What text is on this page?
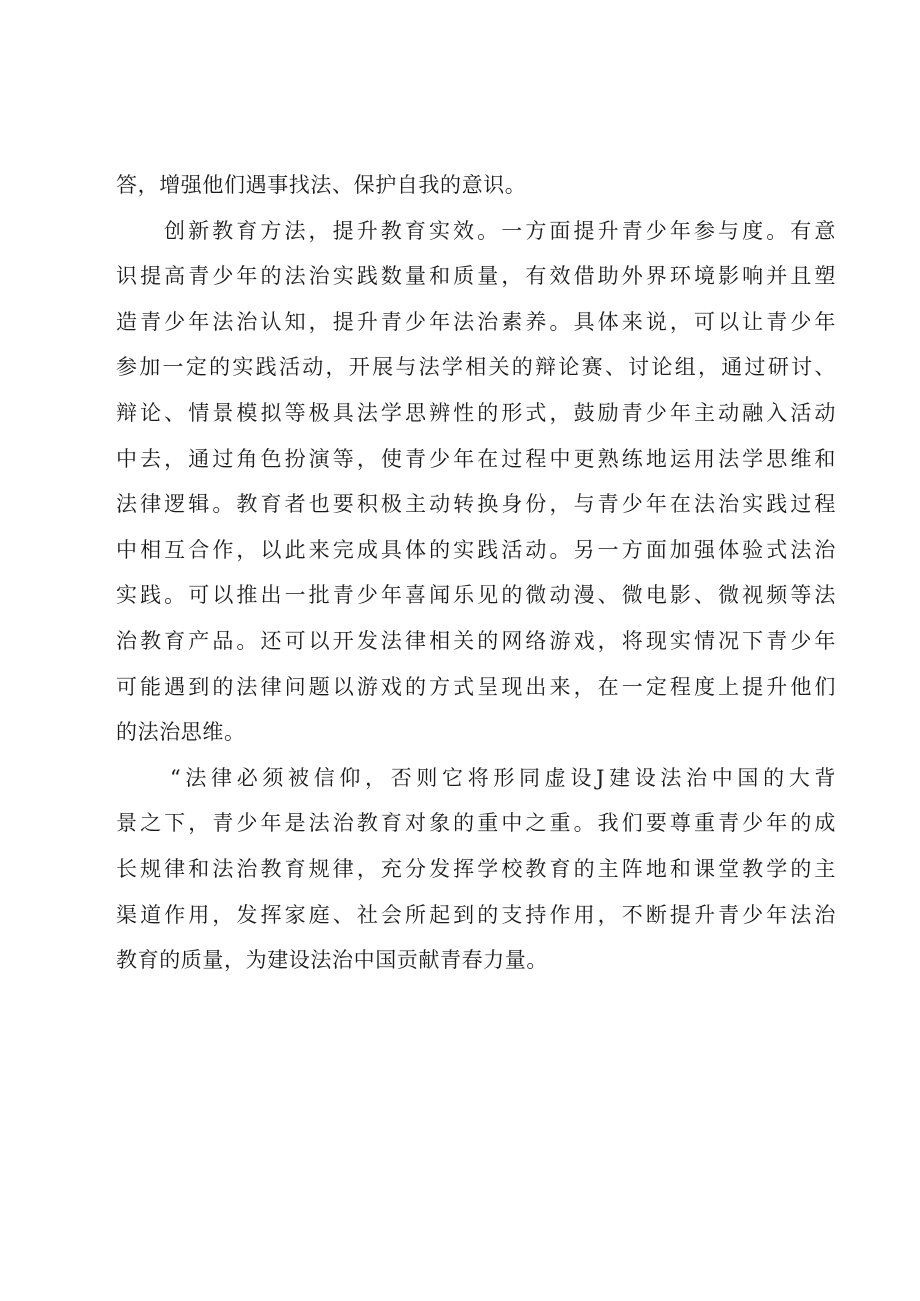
答，增强他们遇事找法、保护自我的意识。
创新教育方法，提升教育实效。一方面提升青少年参与度。有意
识提高青少年的法治实践数量和质量，有效借助外界环境影响并且塑
造青少年法治认知，提升青少年法治素养。具体来说，可以让青少年
参加一定的实践活动，开展与法学相关的辩论赛、讨论组，通过研讨、
辩论、情景模拟等极具法学思辨性的形式，鼓励青少年主动融入活动
中去，通过角色扮演等，使青少年在过程中更熟练地运用法学思维和
法律逻辑。教育者也要积极主动转换身份，与青少年在法治实践过程
中相互合作，以此来完成具体的实践活动。另一方面加强体验式法治
实践。可以推出一批青少年喜闻乐见的微动漫、微电影、微视频等法
治教育产品。还可以开发法律相关的网络游戏，将现实情况下青少年
可能遇到的法律问题以游戏的方式呈现出来，在一定程度上提升他们
的法治思维。
“法律必须被信仰，否则它将形同虚设J建设法治中国的大背
景之下，青少年是法治教育对象的重中之重。我们要尊重青少年的成
长规律和法治教育规律，充分发挥学校教育的主阵地和课堂教学的主
渠道作用，发挥家庭、社会所起到的支持作用，不断提升青少年法治
教育的质量，为建设法治中国贡献青春力量。
